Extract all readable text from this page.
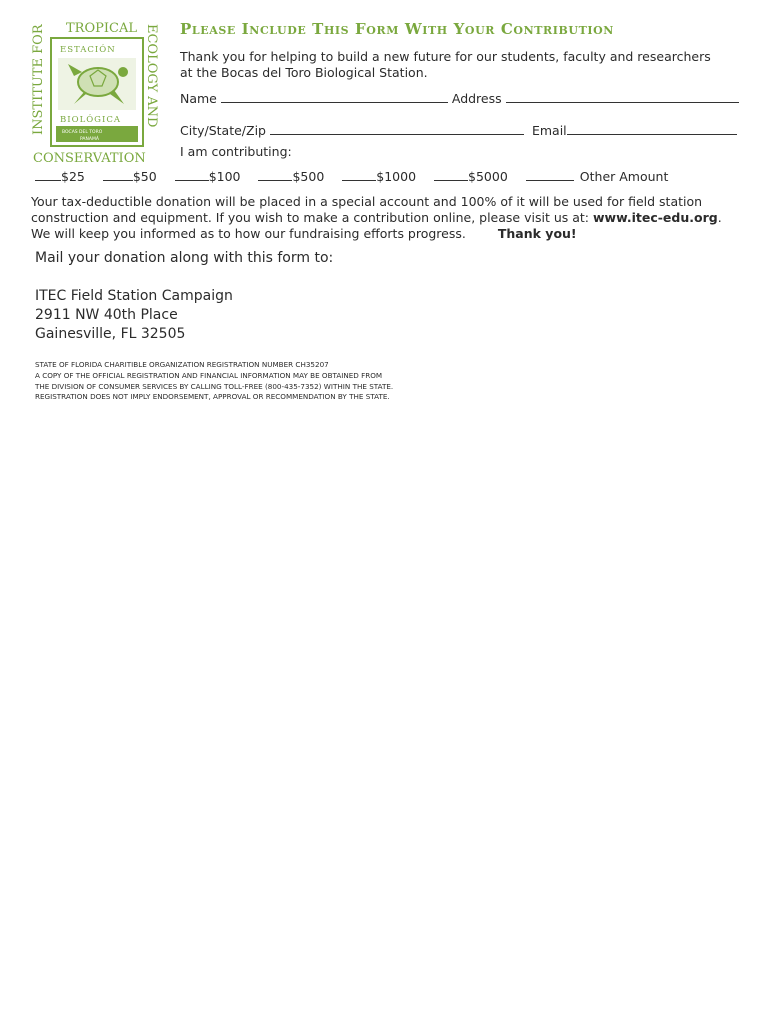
TROPICAL
CONSERVATION
INSTITUTE FOR	ECOLOGY AND
ESTACIÓN
BIOLÓGICA
BOCAS DEL TORO
PANAMÁ
Please Include This Form With Your Contribution
Thank you for helping to build a new future for our students, faculty and researchers
at the Bocas del Toro Biological Station.
Name	Address
City/State/Zip	Email
I am contributing:
$25	$50	$100	$500	$1000	$5000	Other Amount
Your tax-deductible donation will be placed in a special account and 100% of it will be used for field station
construction and equipment. If you wish to make a contribution online, please visit us at: www.itec-edu.org.
We will keep you informed as to how our fundraising efforts progress.	Thank you!
Mail your donation along with this form to:
ITEC Field Station Campaign
2911 NW 40th Place
Gainesville, FL 32505
STATE OF FLORIDA CHARITIBLE ORGANIZATION REGISTRATION NUMBER CH35207
A COPY OF THE OFFICIAL REGISTRATION AND FINANCIAL INFORMATION MAY BE OBTAINED FROM
THE DIVISION OF CONSUMER SERVICES BY CALLING TOLL-FREE (800-435-7352) WITHIN THE STATE.
REGISTRATION DOES NOT IMPLY ENDORSEMENT, APPROVAL OR RECOMMENDATION BY THE STATE.
